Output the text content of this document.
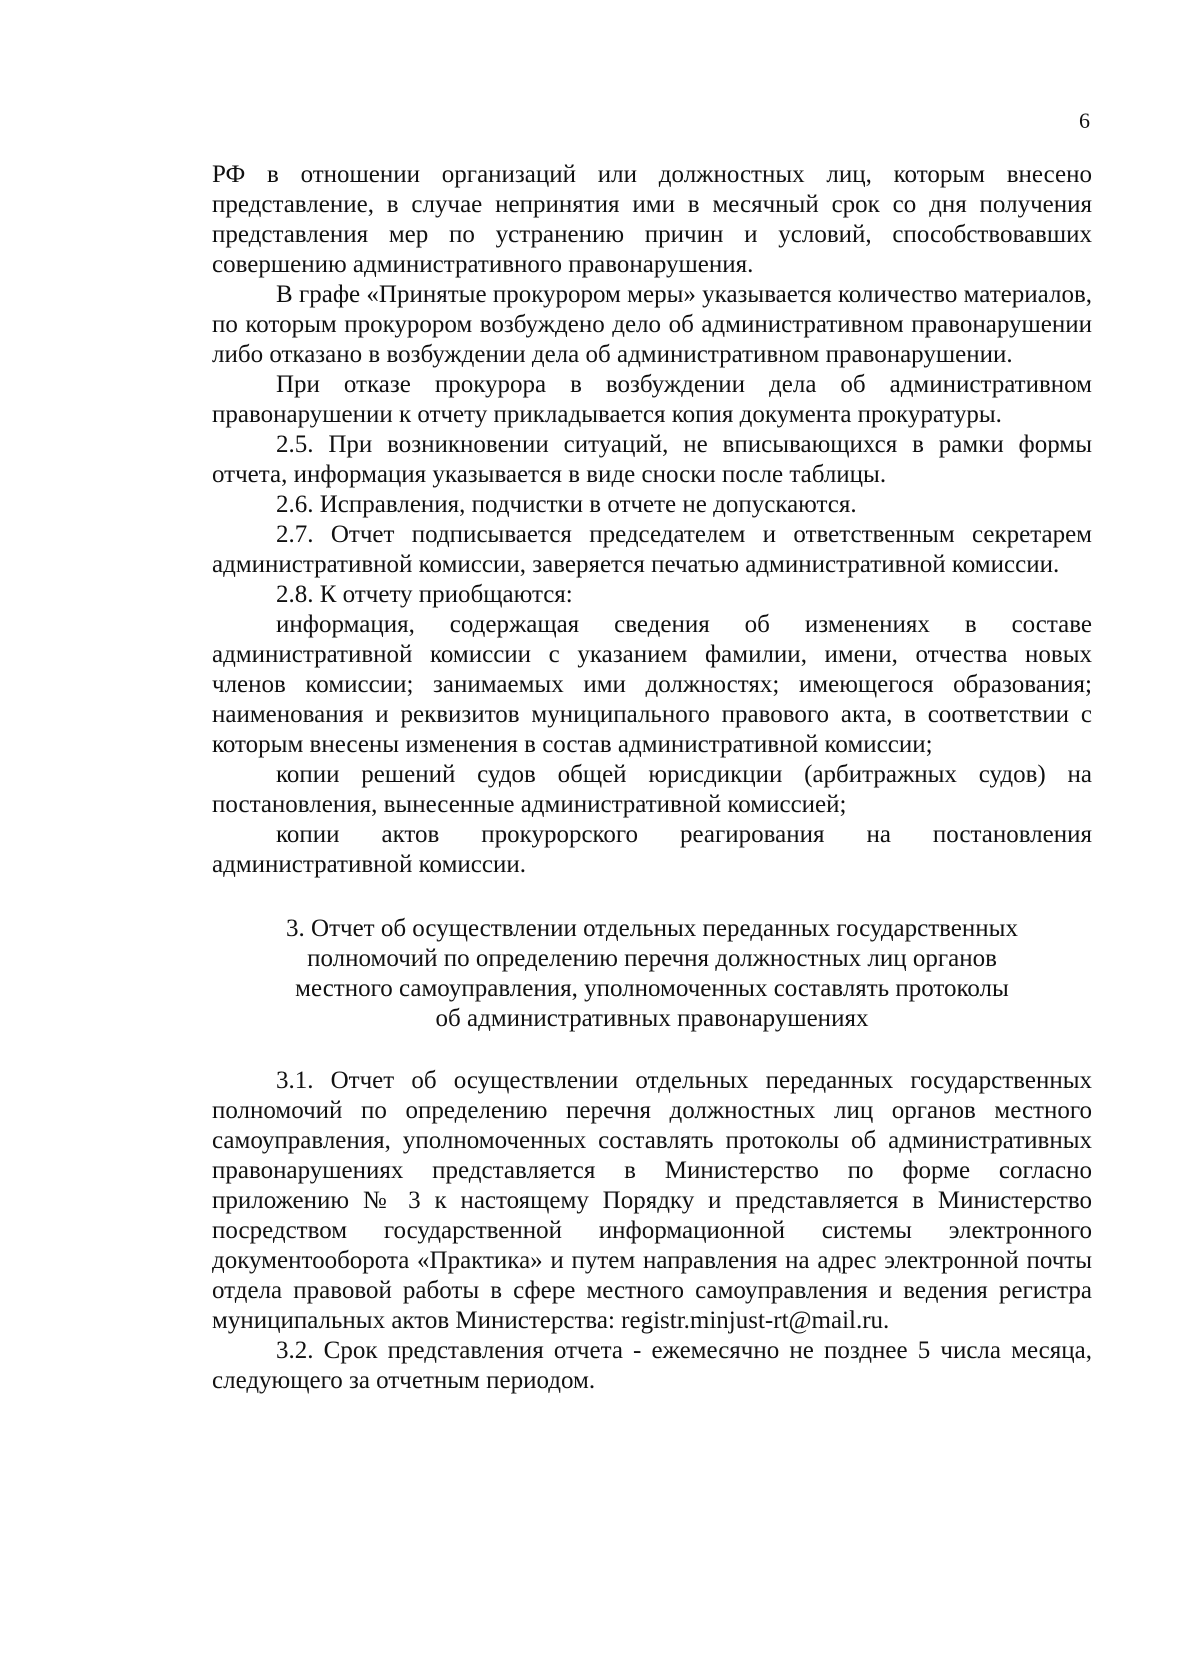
6

РФ в отношении организаций или должностных лиц, которым внесено представление, в случае непринятия ими в месячный срок со дня получения представления мер по устранению причин и условий, способствовавших совершению административного правонарушения.

В графе «Принятые прокурором меры» указывается количество материалов, по которым прокурором возбуждено дело об административном правонарушении либо отказано в возбуждении дела об административном правонарушении.

При отказе прокурора в возбуждении дела об административном правонарушении к отчету прикладывается копия документа прокуратуры.

2.5. При возникновении ситуаций, не вписывающихся в рамки формы отчета, информация указывается в виде сноски после таблицы.

2.6. Исправления, подчистки в отчете не допускаются.

2.7. Отчет подписывается председателем и ответственным секретарем административной комиссии, заверяется печатью административной комиссии.

2.8. К отчету приобщаются:

информация, содержащая сведения об изменениях в составе административной комиссии с указанием фамилии, имени, отчества новых членов комиссии; занимаемых ими должностях; имеющегося образования; наименования и реквизитов муниципального правового акта, в соответствии с которым внесены изменения в состав административной комиссии;

копии решений судов общей юрисдикции (арбитражных судов) на постановления, вынесенные административной комиссией;

копии актов прокурорского реагирования на постановления административной комиссии.

3. Отчет об осуществлении отдельных переданных государственных
полномочий по определению перечня должностных лиц органов
местного самоуправления, уполномоченных составлять протоколы
об административных правонарушениях

3.1. Отчет об осуществлении отдельных переданных государственных полномочий по определению перечня должностных лиц органов местного самоуправления, уполномоченных составлять протоколы об административных правонарушениях представляется в Министерство по форме согласно приложению № 3 к настоящему Порядку и представляется в Министерство посредством государственной информационной системы электронного документооборота «Практика» и путем направления на адрес электронной почты отдела правовой работы в сфере местного самоуправления и ведения регистра муниципальных актов Министерства: registr.minjust-rt@mail.ru.

3.2. Срок представления отчета - ежемесячно не позднее 5 числа месяца, следующего за отчетным периодом.
